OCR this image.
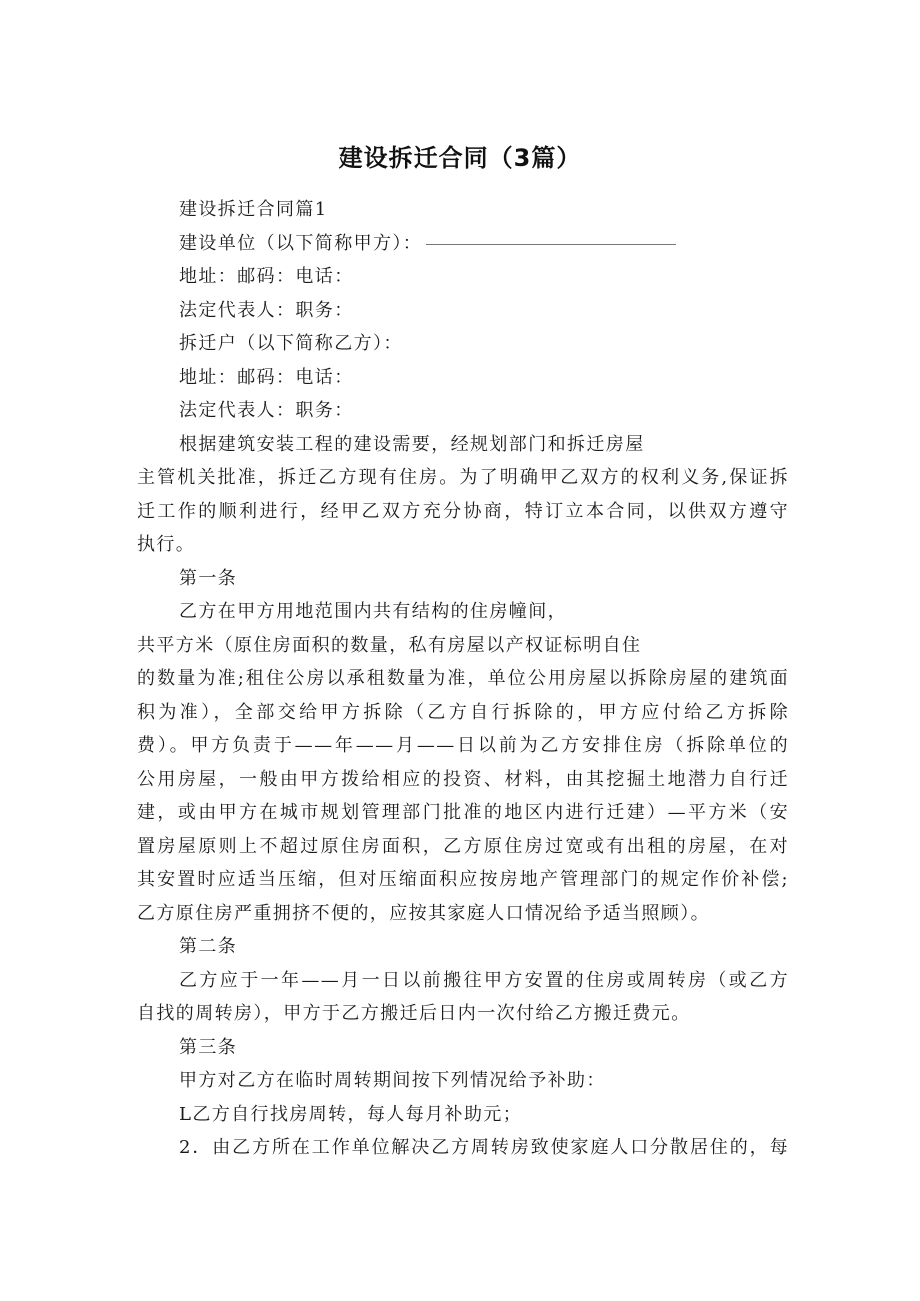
建设拆迁合同（3篇）

建设拆迁合同篇1

建设单位（以下简称甲方）：

地址：邮码：电话：

法定代表人：职务：

拆迁户（以下简称乙方）：

地址：邮码：电话：

法定代表人：职务：

根据建筑安装工程的建设需要，经规划部门和拆迁房屋

主管机关批准，拆迁乙方现有住房。为了明确甲乙双方的权利义务,保证拆

迁工作的顺利进行，经甲乙双方充分协商，特订立本合同，以供双方遵守

执行。

第一条

乙方在甲方用地范围内共有结构的住房幢间，

共平方米（原住房面积的数量，私有房屋以产权证标明自住

的数量为准;租住公房以承租数量为准，单位公用房屋以拆除房屋的建筑面

积为准），全部交给甲方拆除（乙方自行拆除的，甲方应付给乙方拆除

费）。甲方负责于——年——月——日以前为乙方安排住房（拆除单位的

公用房屋，一般由甲方拨给相应的投资、材料，由其挖掘土地潜力自行迁

建，或由甲方在城市规划管理部门批准的地区内进行迁建）—平方米（安

置房屋原则上不超过原住房面积，乙方原住房过宽或有出租的房屋，在对

其安置时应适当压缩，但对压缩面积应按房地产管理部门的规定作价补偿;

乙方原住房严重拥挤不便的，应按其家庭人口情况给予适当照顾）。

第二条

乙方应于一年——月一日以前搬往甲方安置的住房或周转房（或乙方

自找的周转房），甲方于乙方搬迁后日内一次付给乙方搬迁费元。

第三条

甲方对乙方在临时周转期间按下列情况给予补助：

L乙方自行找房周转，每人每月补助元；

2．由乙方所在工作单位解决乙方周转房致使家庭人口分散居住的，每
